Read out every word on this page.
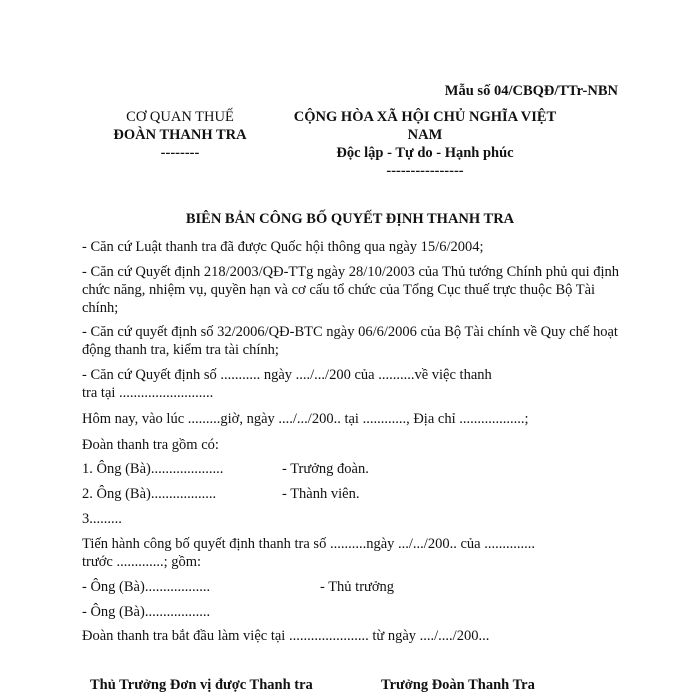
Mẫu số 04/CBQĐ/TTr-NBN
CƠ QUAN THUẾ
ĐOÀN THANH TRA
--------
CỘNG HÒA XÃ HỘI CHỦ NGHĨA VIỆT
NAM
Độc lập - Tự do - Hạnh phúc
----------------
BIÊN BẢN CÔNG BỐ QUYẾT ĐỊNH THANH TRA
- Căn cứ Luật thanh tra đã được Quốc hội thông qua ngày 15/6/2004;
- Căn cứ Quyết định 218/2003/QĐ-TTg ngày 28/10/2003 của Thủ tướng Chính phủ qui định chức năng, nhiệm vụ, quyền hạn và cơ cấu tổ chức của Tổng Cục thuế trực thuộc Bộ Tài chính;
- Căn cứ quyết định số 32/2006/QĐ-BTC ngày 06/6/2006 của Bộ Tài chính về Quy chế hoạt động thanh tra, kiểm tra tài chính;
- Căn cứ Quyết định số ........... ngày ..../.../200 của ..........về việc thanh tra tại ..........................
Hôm nay, vào lúc .........giờ, ngày ..../.../200.. tại ............, Địa chỉ ..................;
Đoàn thanh tra gồm có:
1. Ông (Bà)....................	- Trưởng đoàn.
2. Ông (Bà)..................	- Thành viên.
3.........
Tiến hành công bố quyết định thanh tra số ..........ngày .../.../200.. của .............. trước .............; gồm:
- Ông (Bà)..................	- Thủ trưởng
- Ông (Bà)..................
Đoàn thanh tra bắt đầu làm việc tại ...................... từ ngày ..../..../200...
Thủ Trưởng Đơn vị được Thanh tra	Trưởng Đoàn Thanh Tra
